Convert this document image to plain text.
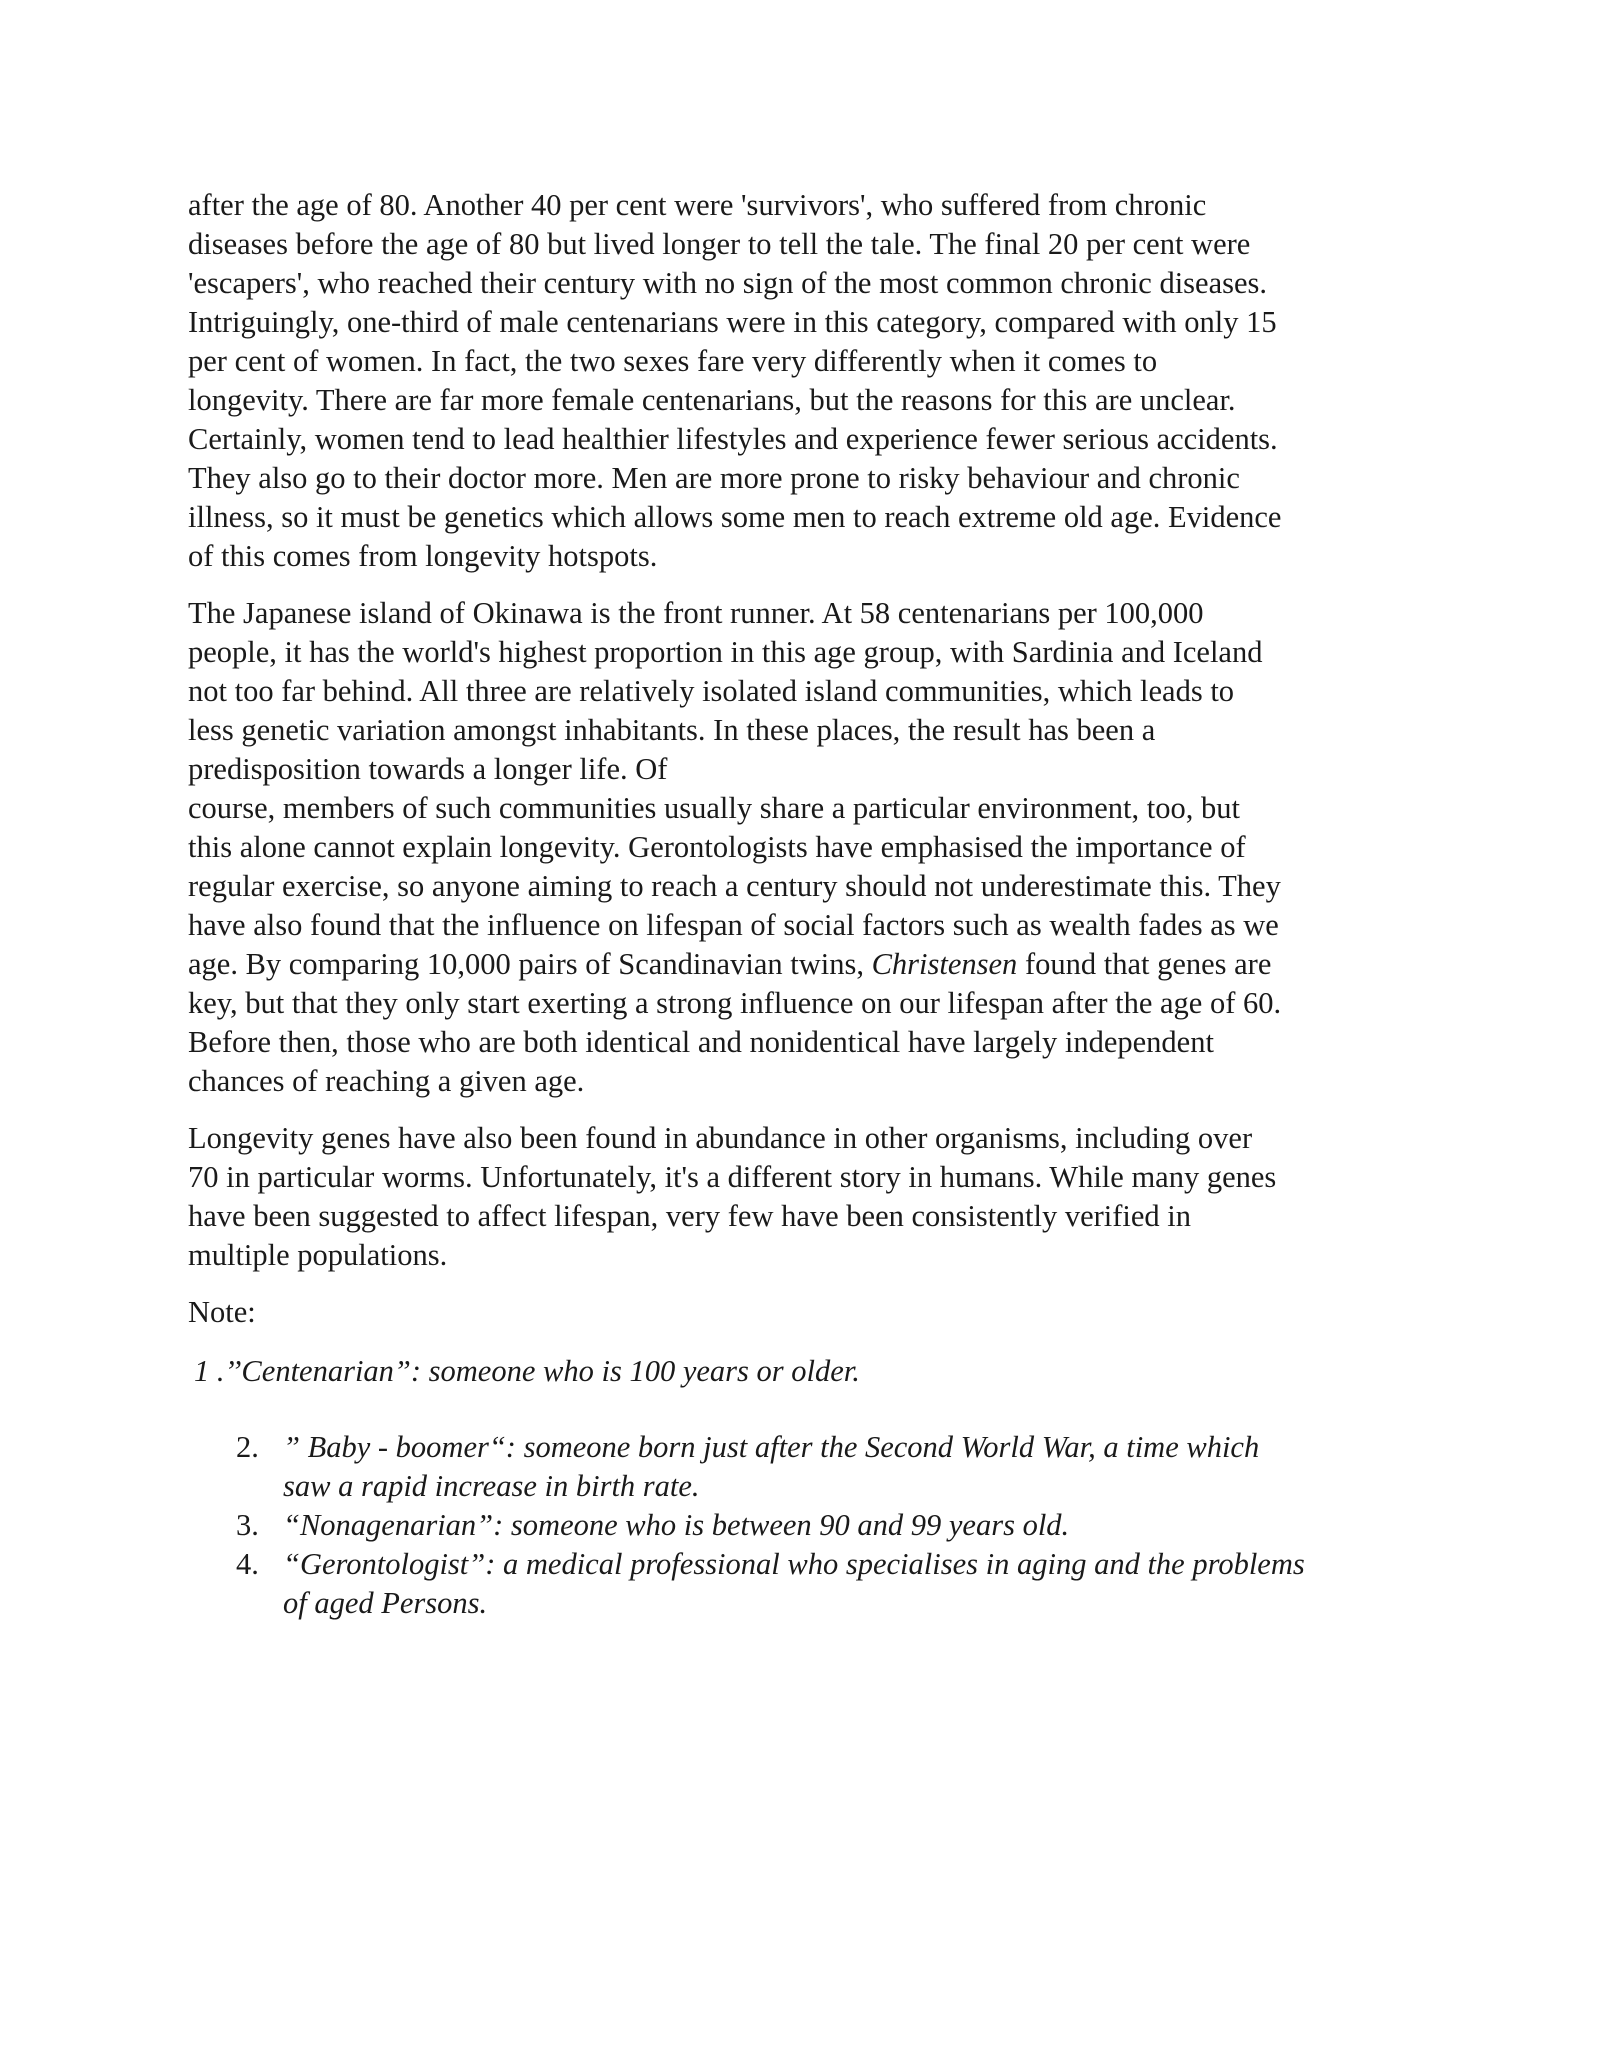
after the age of 80. Another 40 per cent were 'survivors', who suffered from chronic
diseases before the age of 80 but lived longer to tell the tale. The final 20 per cent were
'escapers', who reached their century with no sign of the most common chronic diseases.
Intriguingly, one-third of male centenarians were in this category, compared with only 15
per cent of women. In fact, the two sexes fare very differently when it comes to
longevity. There are far more female centenarians, but the reasons for this are unclear.
Certainly, women tend to lead healthier lifestyles and experience fewer serious accidents.
They also go to their doctor more. Men are more prone to risky behaviour and chronic
illness, so it must be genetics which allows some men to reach extreme old age. Evidence
of this comes from longevity hotspots.

The Japanese island of Okinawa is the front runner. At 58 centenarians per 100,000
people, it has the world's highest proportion in this age group, with Sardinia and Iceland
not too far behind. All three are relatively isolated island communities, which leads to
less genetic variation amongst inhabitants. In these places, the result has been a
predisposition towards a longer life. Of
course, members of such communities usually share a particular environment, too, but
this alone cannot explain longevity. Gerontologists have emphasised the importance of
regular exercise, so anyone aiming to reach a century should not underestimate this. They
have also found that the influence on lifespan of social factors such as wealth fades as we
age. By comparing 10,000 pairs of Scandinavian twins, Christensen found that genes are
key, but that they only start exerting a strong influence on our lifespan after the age of 60.
Before then, those who are both identical and nonidentical have largely independent
chances of reaching a given age.

Longevity genes have also been found in abundance in other organisms, including over
70 in particular worms. Unfortunately, it's a different story in humans. While many genes
have been suggested to affect lifespan, very few have been consistently verified in
multiple populations.

Note:

1 .’’Centenarian”: someone who is 100 years or older.

2. ” Baby - boomer“: someone born just after the Second World War, a time which
saw a rapid increase in birth rate.
3. “Nonagenarian”: someone who is between 90 and 99 years old.
4. “Gerontologist”: a medical professional who specialises in aging and the problems
of aged Persons.
